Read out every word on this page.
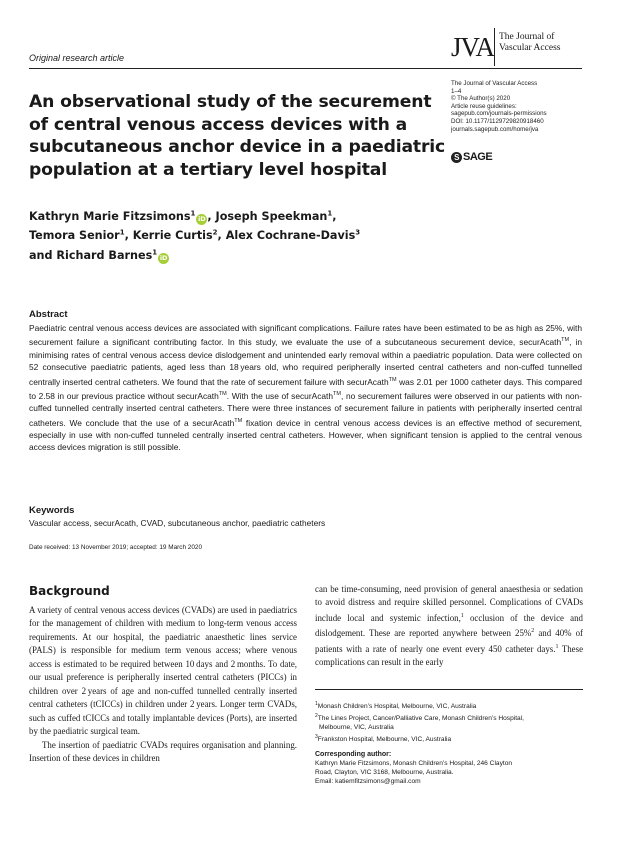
Original research article	JVA The Journal of
Vascular Access
The Journal of Vascular Access
1–4
© The Author(s) 2020
Article reuse guidelines:
sagepub.com/journals-permissions
DOI: 10.1177/1129729820918460
journals.sagepub.com/home/jva
S SAGE
An observational study of the securement of central venous access devices with a subcutaneous anchor device in a paediatric population at a tertiary level hospital
Kathryn Marie Fitzsimons$^1$iD , Joseph Speekman$^1$,
Temora Senior$^1$, Kerrie Curtis$^2$, Alex Cochrane-Davis$^3$
and Richard Barnes$^1$iD
Abstract

Paediatric central venous access devices are associated with significant complications. Failure rates have been estimated to be as high as 25%, with securement failure a significant contributing factor. In this study, we evaluate the use of a subcutaneous securement device, securAcath™, in minimising rates of central venous access device dislodgement and unintended early removal within a paediatric population. Data were collected on 52 consecutive paediatric patients, aged less than 18 years old, who required peripherally inserted central catheters and non-cuffed tunnelled centrally inserted central catheters. We found that the rate of securement failure with securAcath™ was 2.01 per 1000 catheter days. This compared to 2.58 in our previous practice without securAcath™. With the use of securAcath™, no securement failures were observed in our patients with non-cuffed tunnelled centrally inserted central catheters. There were three instances of securement failure in patients with peripherally inserted central catheters. We conclude that the use of a securAcath™ fixation device in central venous access devices is an effective method of securement, especially in use with non-cuffed tunneled centrally inserted central catheters. However, when significant tension is applied to the central venous access devices migration is still possible.

Keywords
Vascular access, securAcath, CVAD, subcutaneous anchor, paediatric catheters
Date received: 13 November 2019; accepted: 19 March 2020
Background

A variety of central venous access devices (CVADs) are used in paediatrics for the management of children with medium to long-term venous access requirements. At our hospital, the paediatric anaesthetic lines service (PALS) is responsible for medium term venous access; where venous access is estimated to be required between 10 days and 2 months. To date, our usual preference is peripherally inserted central catheters (PICCs) in children over 2 years of age and non-cuffed tunnelled centrally inserted central catheters (tCICCs) in children under 2 years. Longer term CVADs, such as cuffed tCICCs and totally implantable devices (Ports), are inserted by the paediatric surgical team.

The insertion of paediatric CVADs requires organisation and planning. Insertion of these devices in children

can be time-consuming, need provision of general anaesthesia or sedation to avoid distress and require skilled personnel. Complications of CVADs include local and systemic infection,$^1$ occlusion of the device and dislodgement. These are reported anywhere between 25%$^2$ and 40% of patients with a rate of nearly one event every 450 catheter days.$^1$ These complications can result in the early

$^1$Monash Children’s Hospital, Melbourne, VIC, Australia
$^2$The Lines Project, Cancer/Palliative Care, Monash Children’s Hospital,
Melbourne, VIC, Australia
$^3$Frankston Hospital, Melbourne, VIC, Australia
Corresponding author:
Kathryn Marie Fitzsimons, Monash Children’s Hospital, 246 Clayton
Road, Clayton, VIC 3168, Melbourne, Australia.
Email: katiemfitzsimons@gmail.com
